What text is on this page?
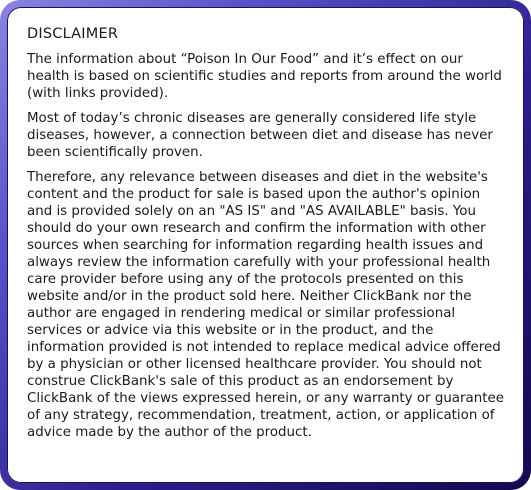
DISCLAIMER

The information about “Poison In Our Food” and it’s effect on our health is based on scientific studies and reports from around the world (with links provided).

Most of today’s chronic diseases are generally considered life style diseases, however, a connection between diet and disease has never been scientifically proven.

Therefore, any relevance between diseases and diet in the website's content and the product for sale is based upon the author's opinion and is provided solely on an "AS IS" and "AS AVAILABLE" basis. You should do your own research and confirm the information with other sources when searching for information regarding health issues and always review the information carefully with your professional health care provider before using any of the protocols presented on this website and/or in the product sold here. Neither ClickBank nor the author are engaged in rendering medical or similar professional services or advice via this website or in the product, and the information provided is not intended to replace medical advice offered by a physician or other licensed healthcare provider. You should not construe ClickBank's sale of this product as an endorsement by ClickBank of the views expressed herein, or any warranty or guarantee of any strategy, recommendation, treatment, action, or application of advice made by the author of the product.
